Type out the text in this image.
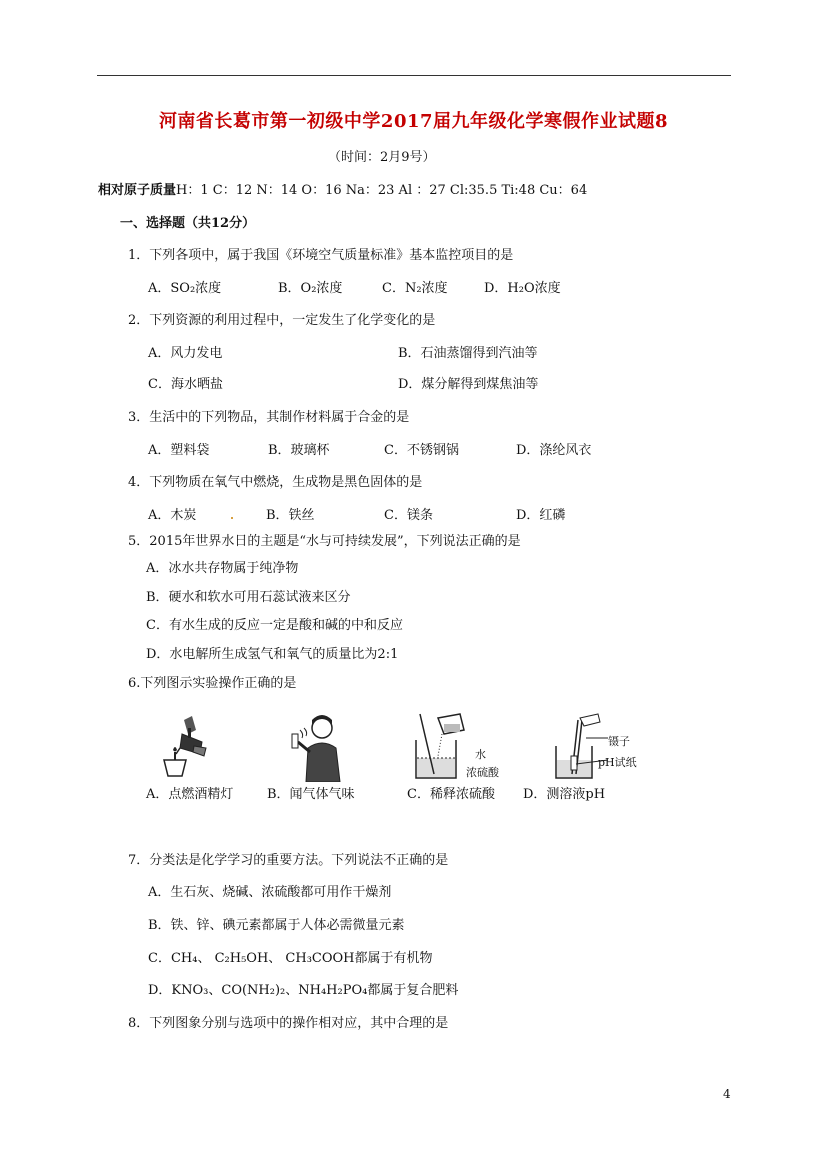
河南省长葛市第一初级中学2017届九年级化学寒假作业试题8
（时间：2月9号）
相对原子质量H：1 C：12 N：14 O：16 Na：23 Al ：27 Cl:35.5 Ti:48 Cu：64
一、选择题（共12分）
1．下列各项中，属于我国《环境空气质量标准》基本监控项目的是
A．SO₂浓度	B．O₂浓度	C．N₂浓度	D．H₂O浓度
2．下列资源的利用过程中，一定发生了化学变化的是
A．风力发电	B．石油蒸馏得到汽油等
C．海水晒盐	D．煤分解得到煤焦油等
3．生活中的下列物品，其制作材料属于合金的是
A．塑料袋	B．玻璃杯	C．不锈钢锅	D．涤纶风衣
4．下列物质在氧气中燃烧，生成物是黑色固体的是
A．木炭	B．铁丝	C．镁条	D．红磷
5．2015年世界水日的主题是“水与可持续发展”，下列说法正确的是
A．冰水共存物属于纯净物
B．硬水和软水可用石蕊试液来区分
C．有水生成的反应一定是酸和碱的中和反应
D．水电解所生成氢气和氧气的质量比为2:1
6.下列图示实验操作正确的是
水
浓硫酸
镊子
pH试纸
A．点燃酒精灯	B．闻气体气味	C．稀释浓硫酸 D．测溶液pH
7．分类法是化学学习的重要方法。下列说法不正确的是
A．生石灰、烧碱、浓硫酸都可用作干燥剂
B．铁、锌、碘元素都属于人体必需微量元素
C．CH₄、 C₂H₅OH、 CH₃COOH都属于有机物
D．KNO₃、CO(NH₂)₂、NH₄H₂PO₄都属于复合肥料
8．下列图象分别与选项中的操作相对应，其中合理的是
4
